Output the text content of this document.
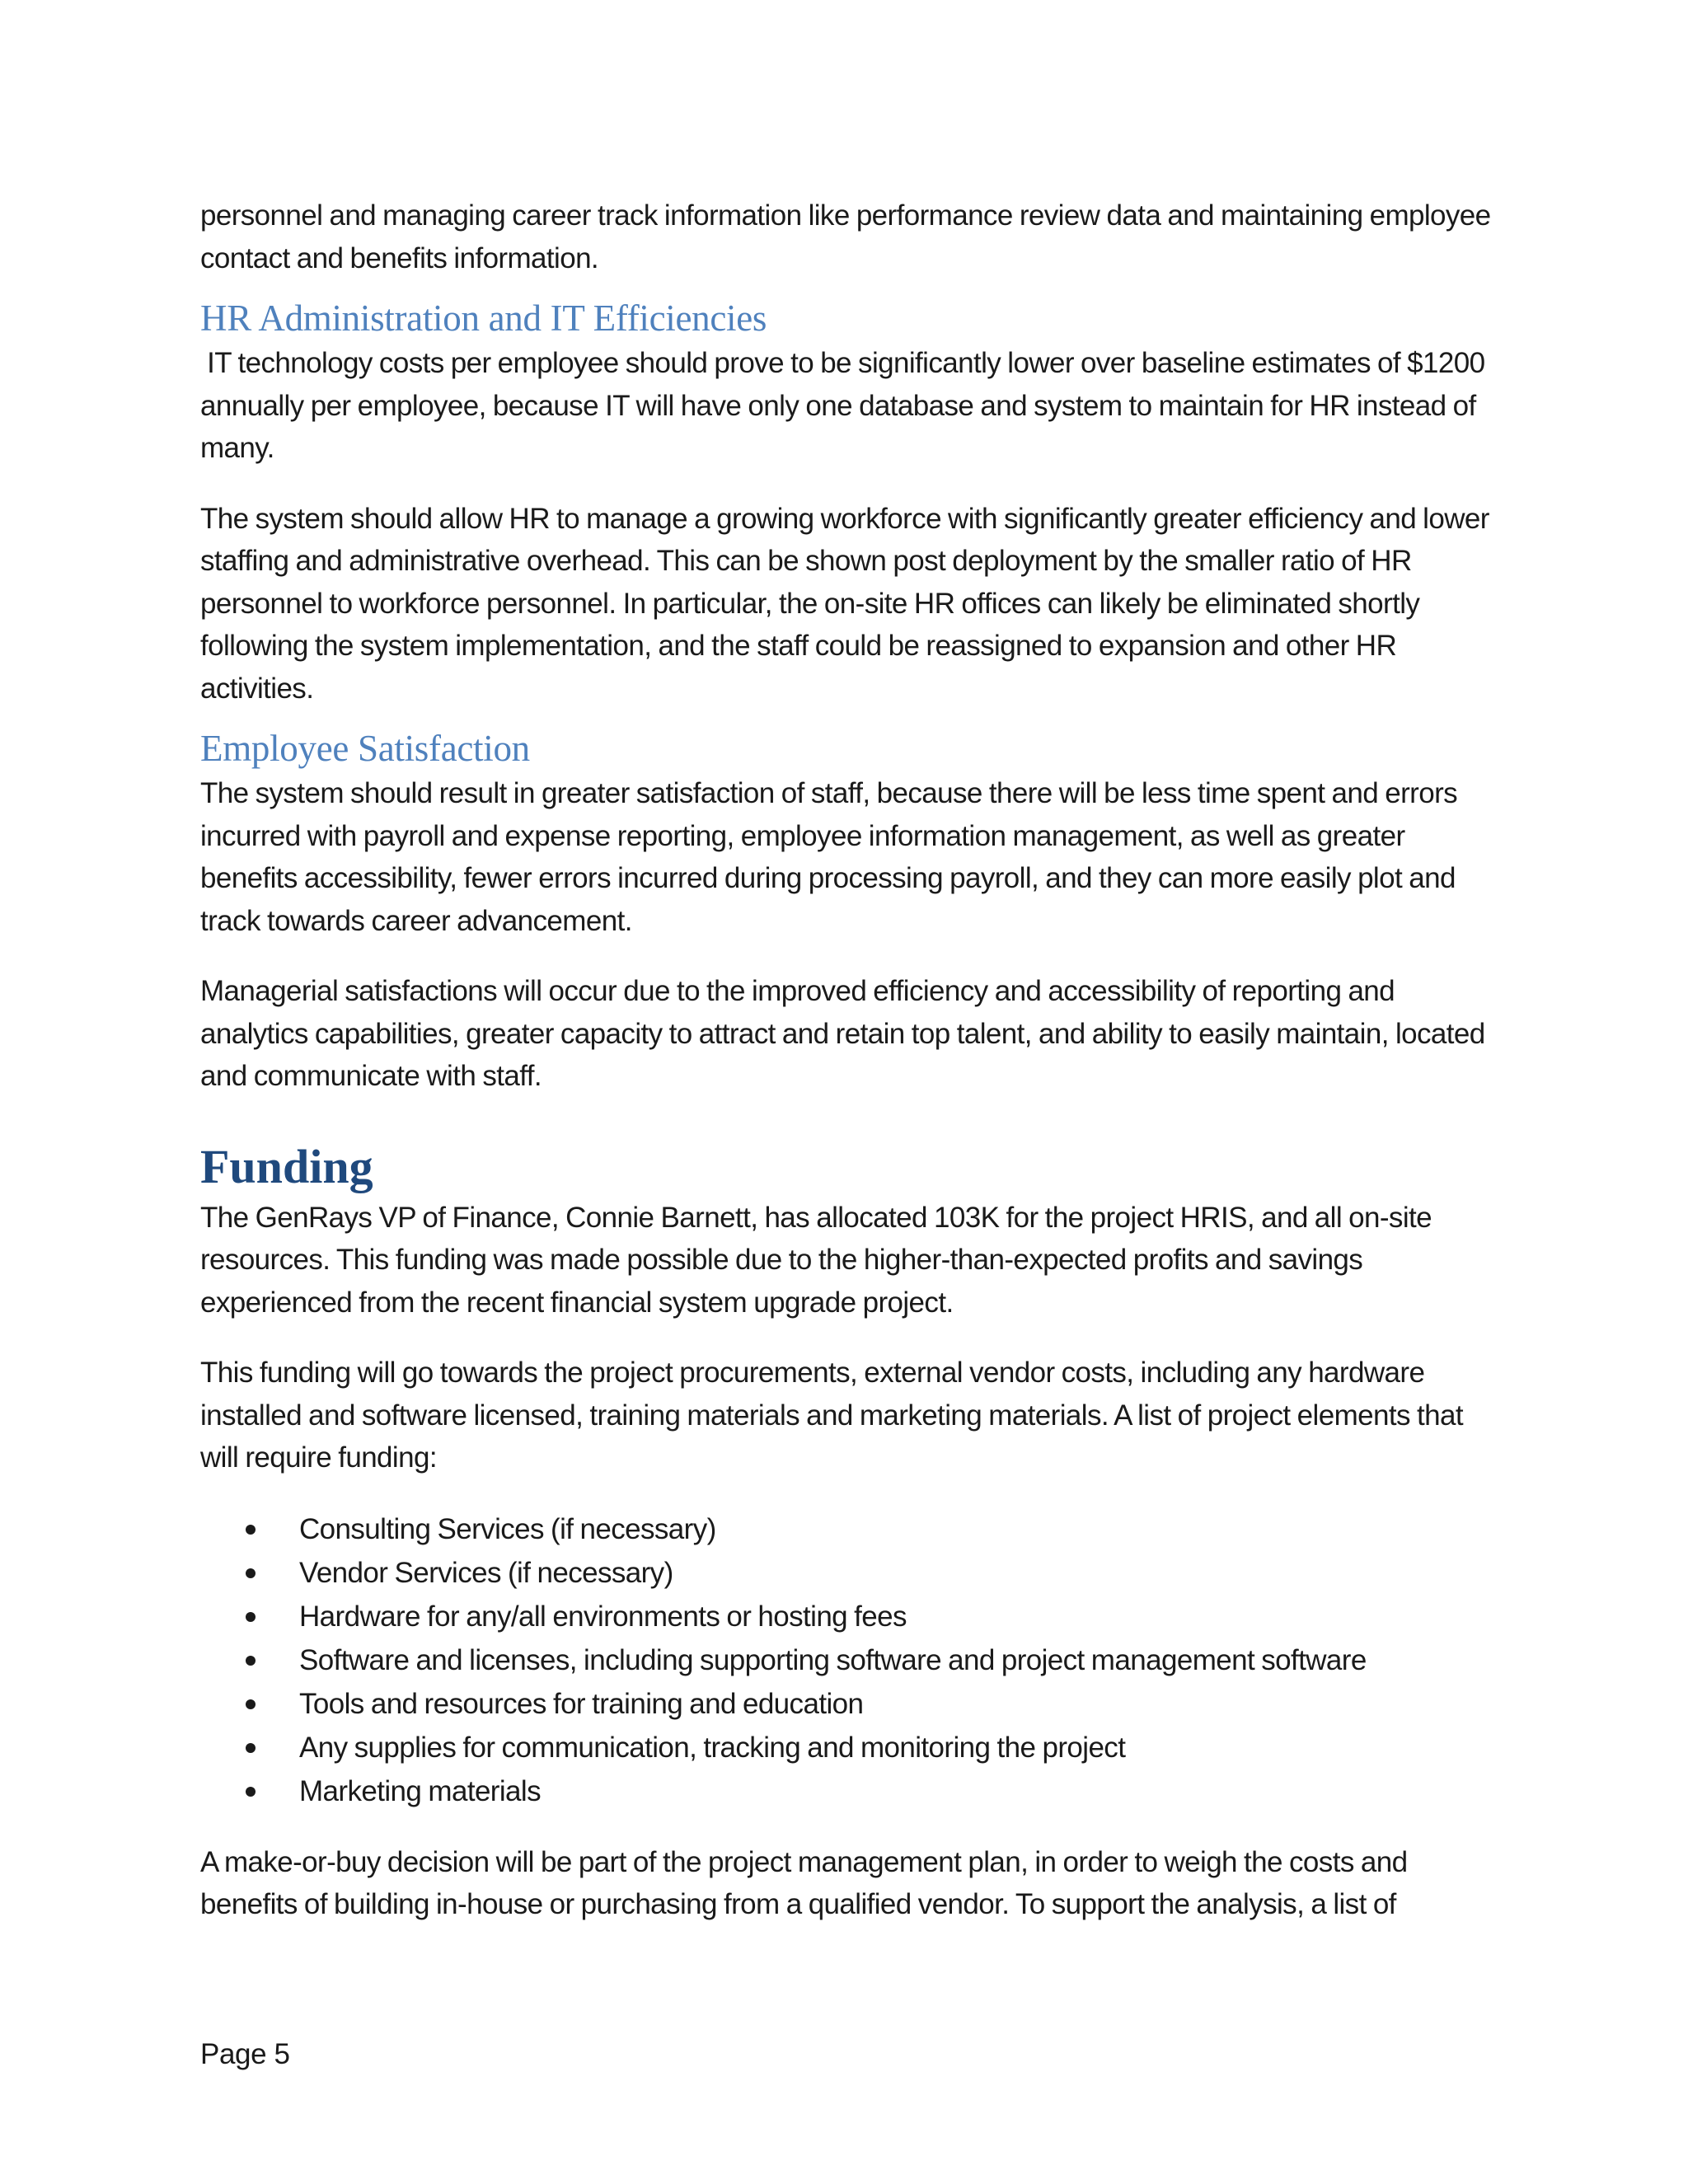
personnel and managing career track information like performance review data and maintaining employee contact and benefits information.

HR Administration and IT Efficiencies

IT technology costs per employee should prove to be significantly lower over baseline estimates of $1200 annually per employee, because IT will have only one database and system to maintain for HR instead of many.

The system should allow HR to manage a growing workforce with significantly greater efficiency and lower staffing and administrative overhead. This can be shown post deployment by the smaller ratio of HR personnel to workforce personnel. In particular, the on-site HR offices can likely be eliminated shortly following the system implementation, and the staff could be reassigned to expansion and other HR activities.

Employee Satisfaction

The system should result in greater satisfaction of staff, because there will be less time spent and errors incurred with payroll and expense reporting, employee information management, as well as greater benefits accessibility, fewer errors incurred during processing payroll, and they can more easily plot and track towards career advancement.

Managerial satisfactions will occur due to the improved efficiency and accessibility of reporting and analytics capabilities, greater capacity to attract and retain top talent, and ability to easily maintain, located and communicate with staff.

Funding

The GenRays VP of Finance, Connie Barnett, has allocated 103K for the project HRIS, and all on-site resources. This funding was made possible due to the higher-than-expected profits and savings experienced from the recent financial system upgrade project.

This funding will go towards the project procurements, external vendor costs, including any hardware installed and software licensed, training materials and marketing materials. A list of project elements that will require funding:

Consulting Services (if necessary)
Vendor Services (if necessary)
Hardware for any/all environments or hosting fees
Software and licenses, including supporting software and project management software
Tools and resources for training and education
Any supplies for communication, tracking and monitoring the project
Marketing materials

A make-or-buy decision will be part of the project management plan, in order to weigh the costs and benefits of building in-house or purchasing from a qualified vendor. To support the analysis, a list of

Page 5
